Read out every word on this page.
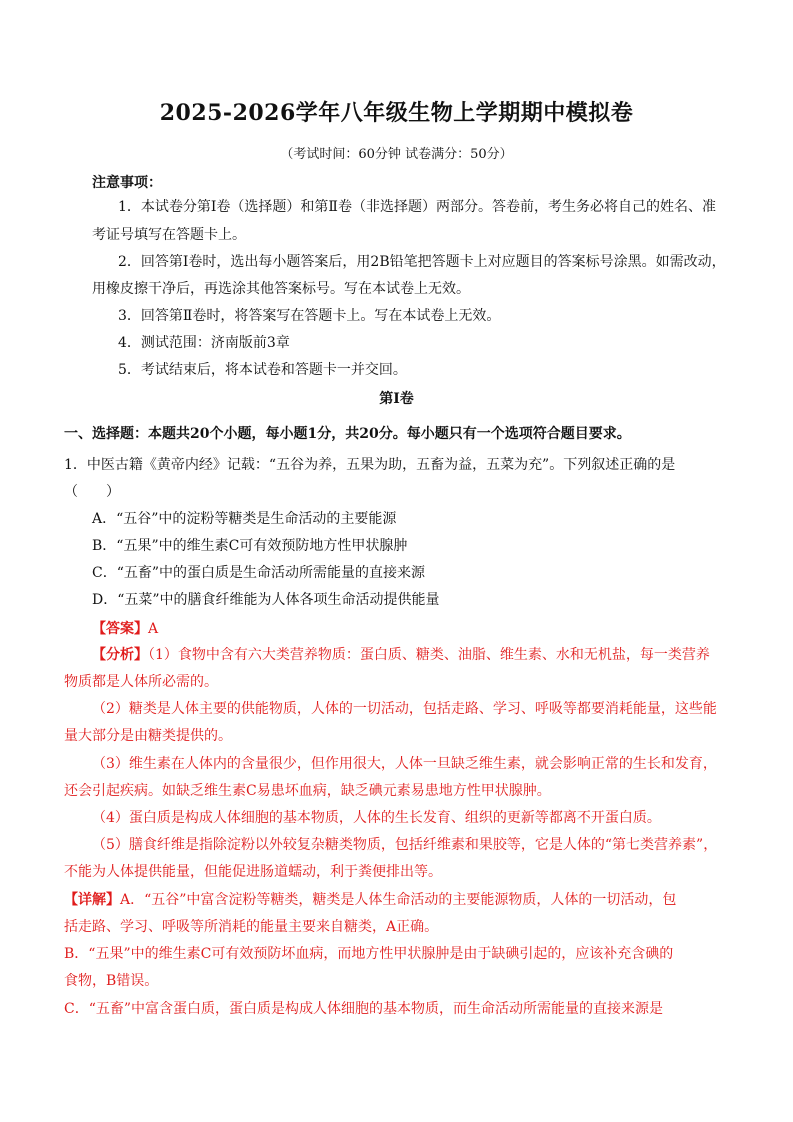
2025-2026学年八年级生物上学期期中模拟卷
（考试时间：60分钟 试卷满分：50分）
注意事项：
1．本试卷分第Ⅰ卷（选择题）和第Ⅱ卷（非选择题）两部分。答卷前，考生务必将自己的姓名、准
考证号填写在答题卡上。
2．回答第Ⅰ卷时，选出每小题答案后，用2B铅笔把答题卡上对应题目的答案标号涂黑。如需改动，
用橡皮擦干净后，再选涂其他答案标号。写在本试卷上无效。
3．回答第Ⅱ卷时，将答案写在答题卡上。写在本试卷上无效。
4．测试范围：济南版前3章
5．考试结束后，将本试卷和答题卡一并交回。
第Ⅰ卷
一、选择题：本题共20个小题，每小题1分，共20分。每小题只有一个选项符合题目要求。
1．中医古籍《黄帝内经》记载：“五谷为养，五果为助，五畜为益，五菜为充”。下列叙述正确的是
（　　）
A．“五谷”中的淀粉等糖类是生命活动的主要能源
B．“五果”中的维生素C可有效预防地方性甲状腺肿
C．“五畜”中的蛋白质是生命活动所需能量的直接来源
D．“五菜”中的膳食纤维能为人体各项生命活动提供能量
【答案】A
【分析】（1）食物中含有六大类营养物质：蛋白质、糖类、油脂、维生素、水和无机盐，每一类营养
物质都是人体所必需的。
（2）糖类是人体主要的供能物质，人体的一切活动，包括走路、学习、呼吸等都要消耗能量，这些能
量大部分是由糖类提供的。
（3）维生素在人体内的含量很少，但作用很大，人体一旦缺乏维生素，就会影响正常的生长和发育，
还会引起疾病。如缺乏维生素C易患坏血病，缺乏碘元素易患地方性甲状腺肿。
（4）蛋白质是构成人体细胞的基本物质，人体的生长发育、组织的更新等都离不开蛋白质。
（5）膳食纤维是指除淀粉以外较复杂糖类物质，包括纤维素和果胶等，它是人体的“第七类营养素”，
不能为人体提供能量，但能促进肠道蠕动，利于粪便排出等。
【详解】A．“五谷”中富含淀粉等糖类，糖类是人体生命活动的主要能源物质，人体的一切活动，包
括走路、学习、呼吸等所消耗的能量主要来自糖类，A正确。
B．“五果”中的维生素C可有效预防坏血病，而地方性甲状腺肿是由于缺碘引起的，应该补充含碘的
食物，B错误。
C．“五畜”中富含蛋白质，蛋白质是构成人体细胞的基本物质，而生命活动所需能量的直接来源是
